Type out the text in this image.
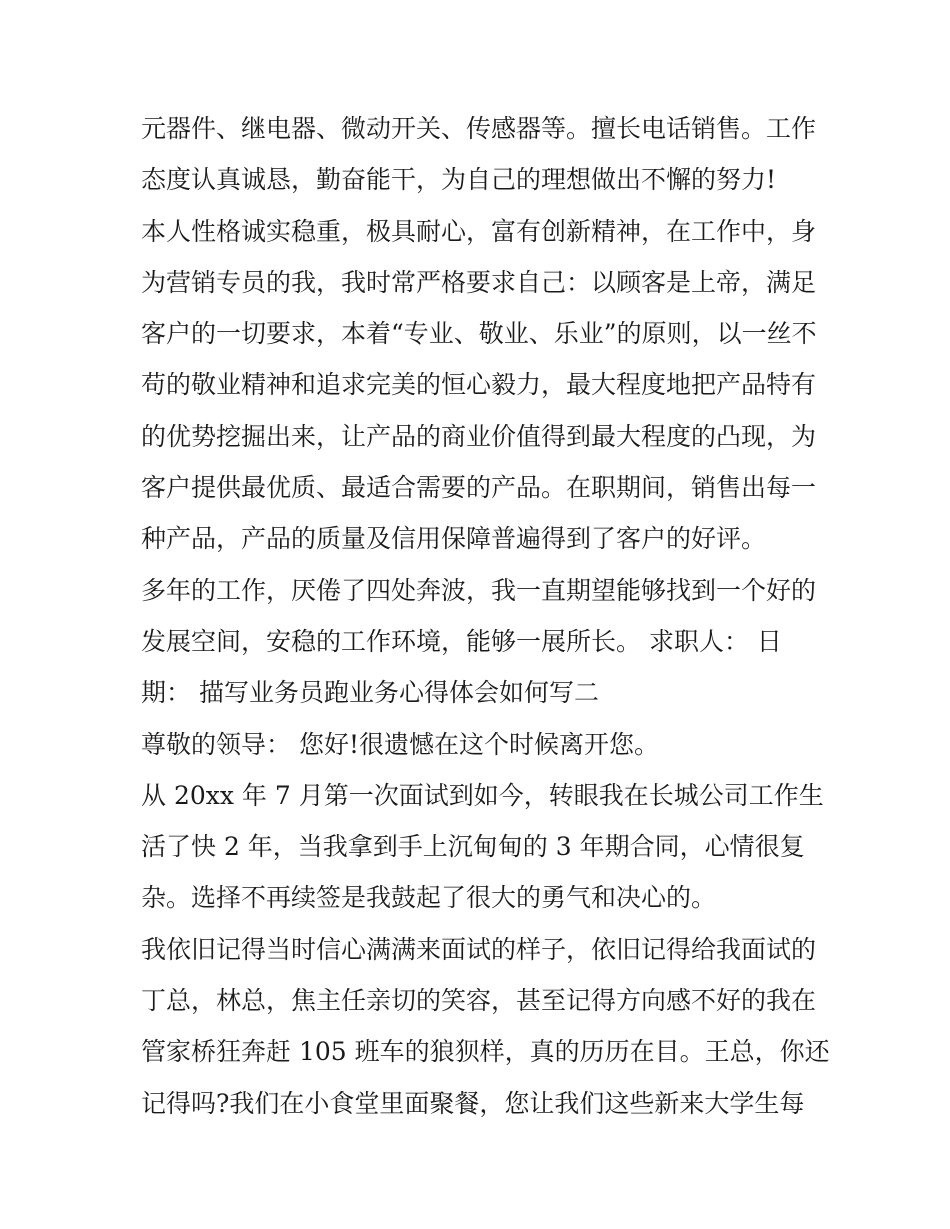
元器件、继电器、微动开关、传感器等。擅长电话销售。工作
态度认真诚恳，勤奋能干，为自己的理想做出不懈的努力!
本人性格诚实稳重，极具耐心，富有创新精神，在工作中，身
为营销专员的我，我时常严格要求自己：以顾客是上帝，满足
客户的一切要求，本着“专业、敬业、乐业”的原则，以一丝不
苟的敬业精神和追求完美的恒心毅力，最大程度地把产品特有
的优势挖掘出来，让产品的商业价值得到最大程度的凸现，为
客户提供最优质、最适合需要的产品。在职期间，销售出每一
种产品，产品的质量及信用保障普遍得到了客户的好评。
多年的工作，厌倦了四处奔波，我一直期望能够找到一个好的
发展空间，安稳的工作环境，能够一展所长。 求职人： 日
期： 描写业务员跑业务心得体会如何写二
尊敬的领导： 您好!很遗憾在这个时候离开您。
从 20xx 年 7 月第一次面试到如今，转眼我在长城公司工作生
活了快 2 年，当我拿到手上沉甸甸的 3 年期合同，心情很复
杂。选择不再续签是我鼓起了很大的勇气和决心的。
我依旧记得当时信心满满来面试的样子，依旧记得给我面试的
丁总，林总，焦主任亲切的笑容，甚至记得方向感不好的我在
管家桥狂奔赶 105 班车的狼狈样，真的历历在目。王总，你还
记得吗?我们在小食堂里面聚餐，您让我们这些新来大学生每
